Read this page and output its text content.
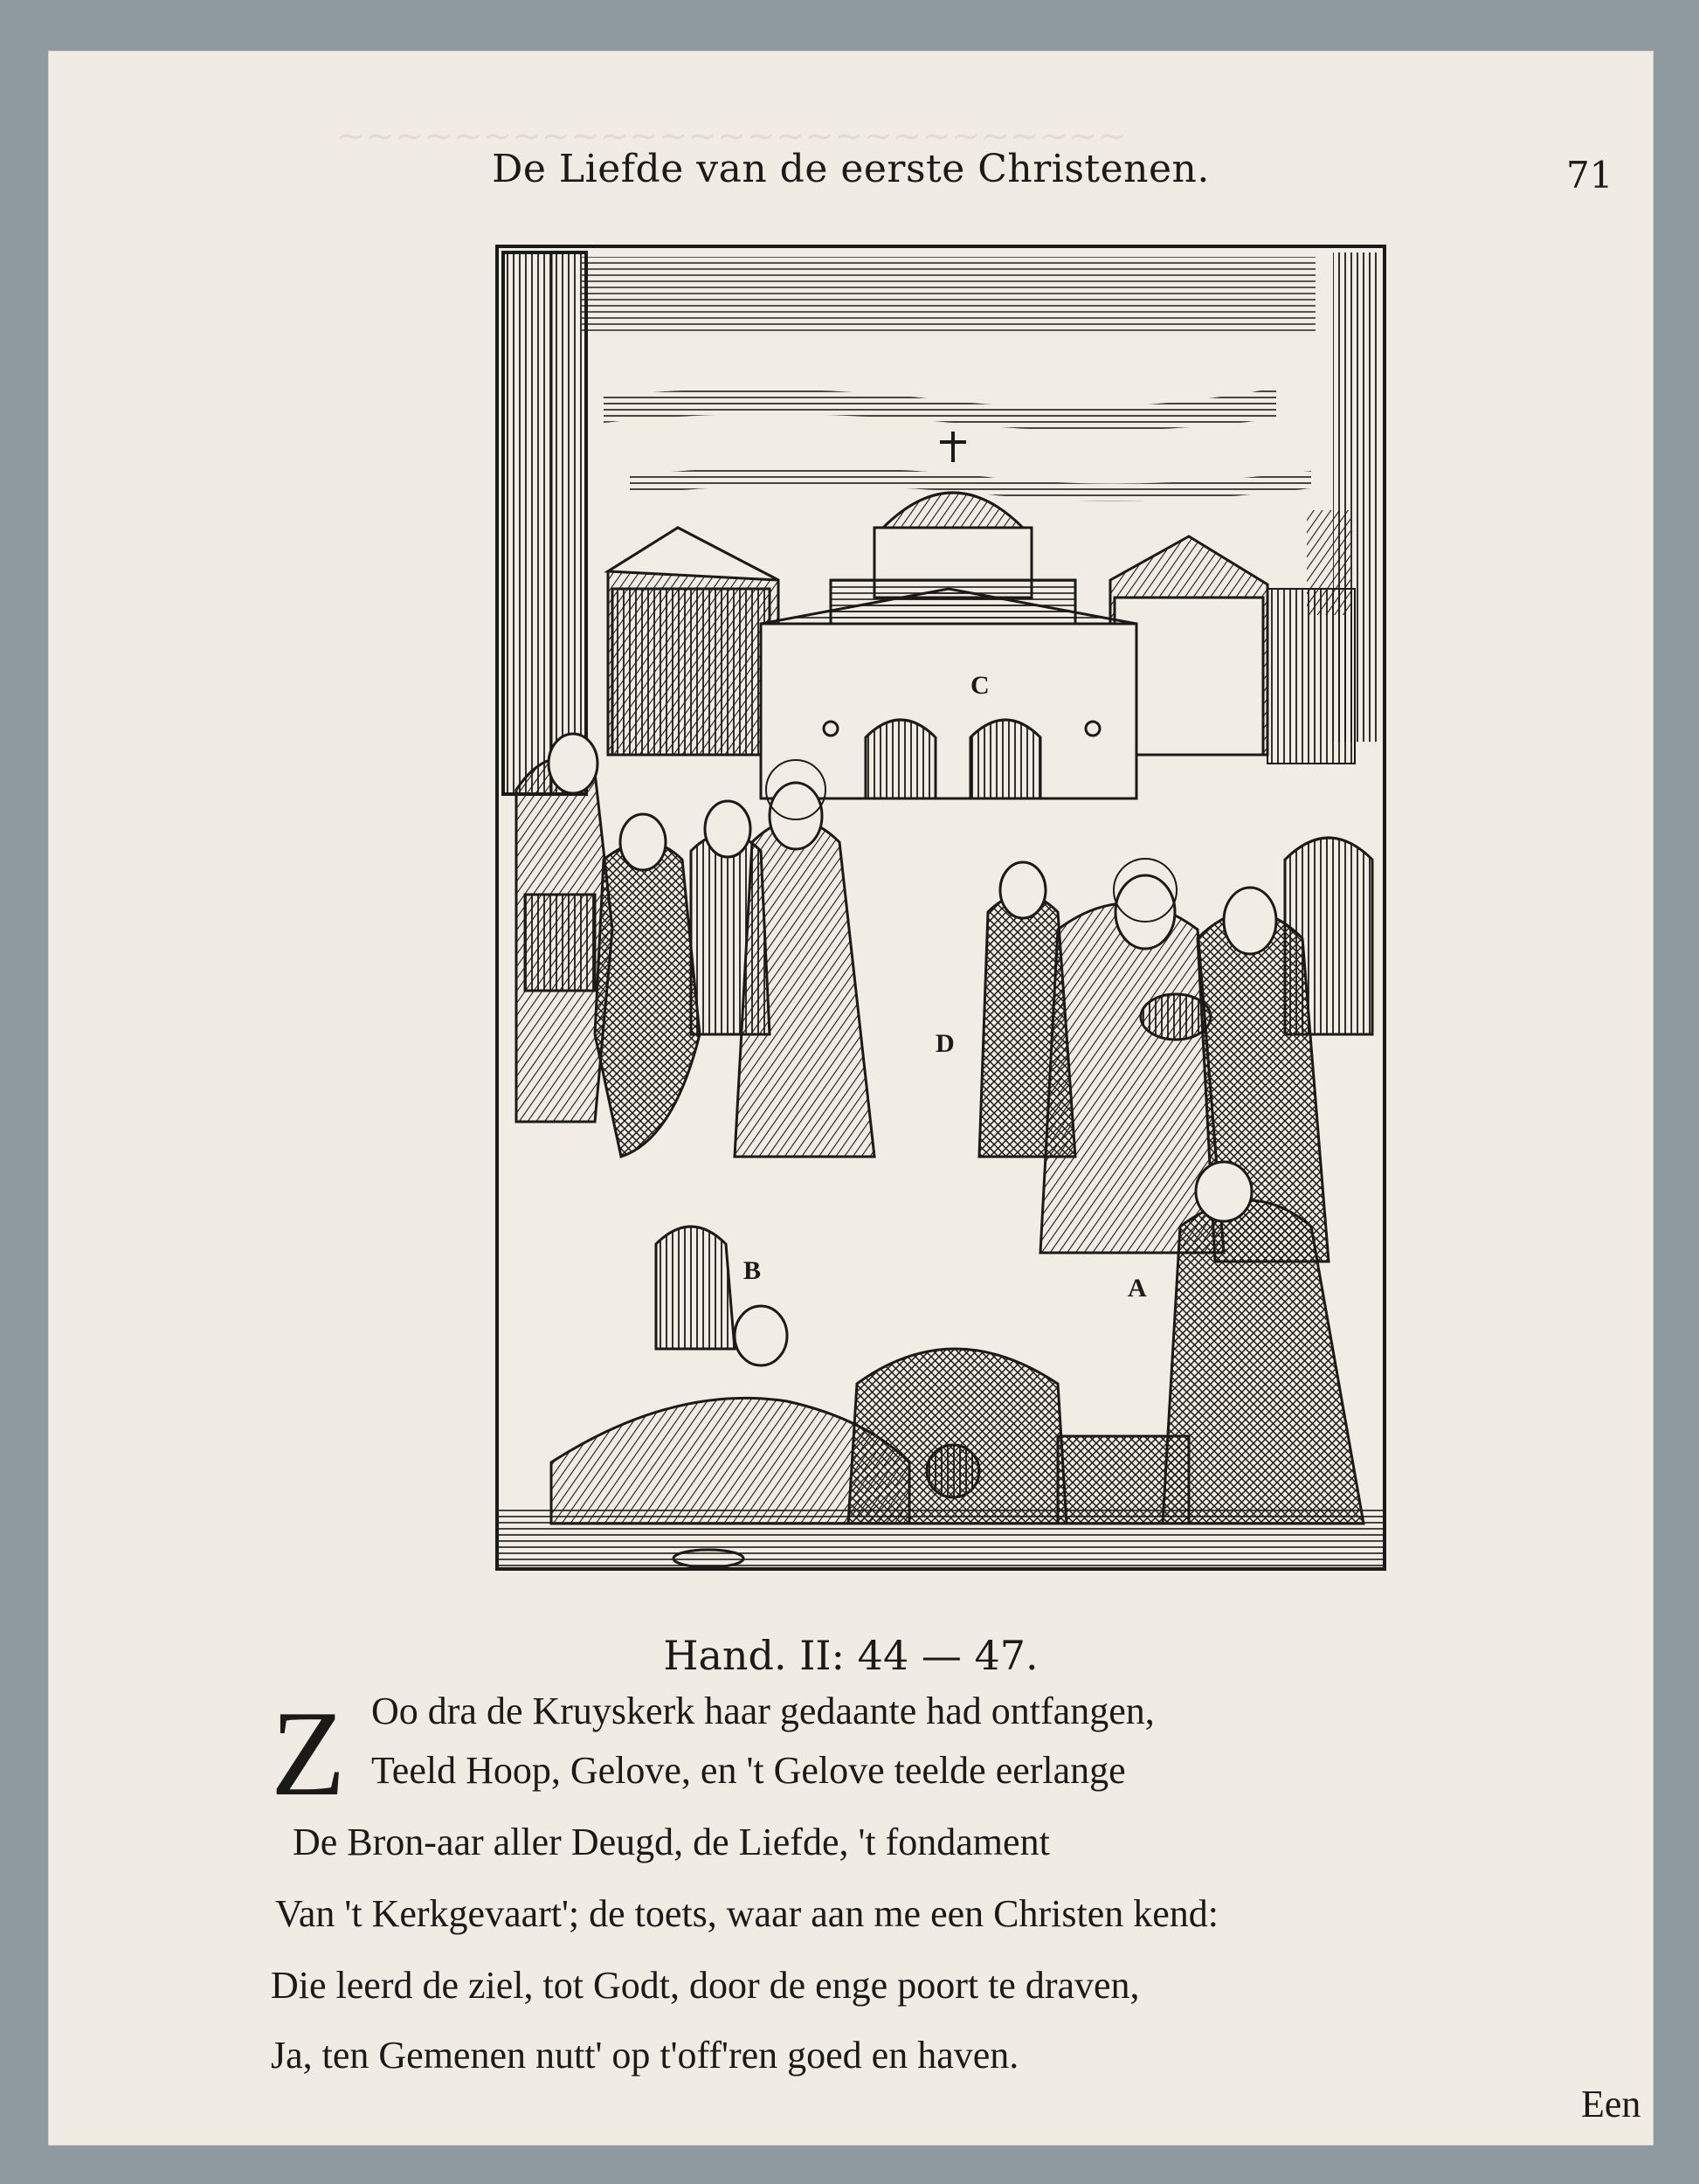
~~~~~~~~~~~~~~~~~~~~~~~~~~~
De Liefde van de eerste Christenen.	71
C
D
B
A
Hand. II: 44 — 47.
Z Oo dra de Kruyskerk haar gedaante had ontfangen,
Teeld Hoop, Gelove, en 't Gelove teelde eerlange
De Bron-aar aller Deugd, de Liefde, 't fondament
Van 't Kerkgevaart'; de toets, waar aan me een Christen kend:
Die leerd de ziel, tot Godt, door de enge poort te draven,
Ja, ten Gemenen nutt' op t'off'ren goed en haven.
Een
